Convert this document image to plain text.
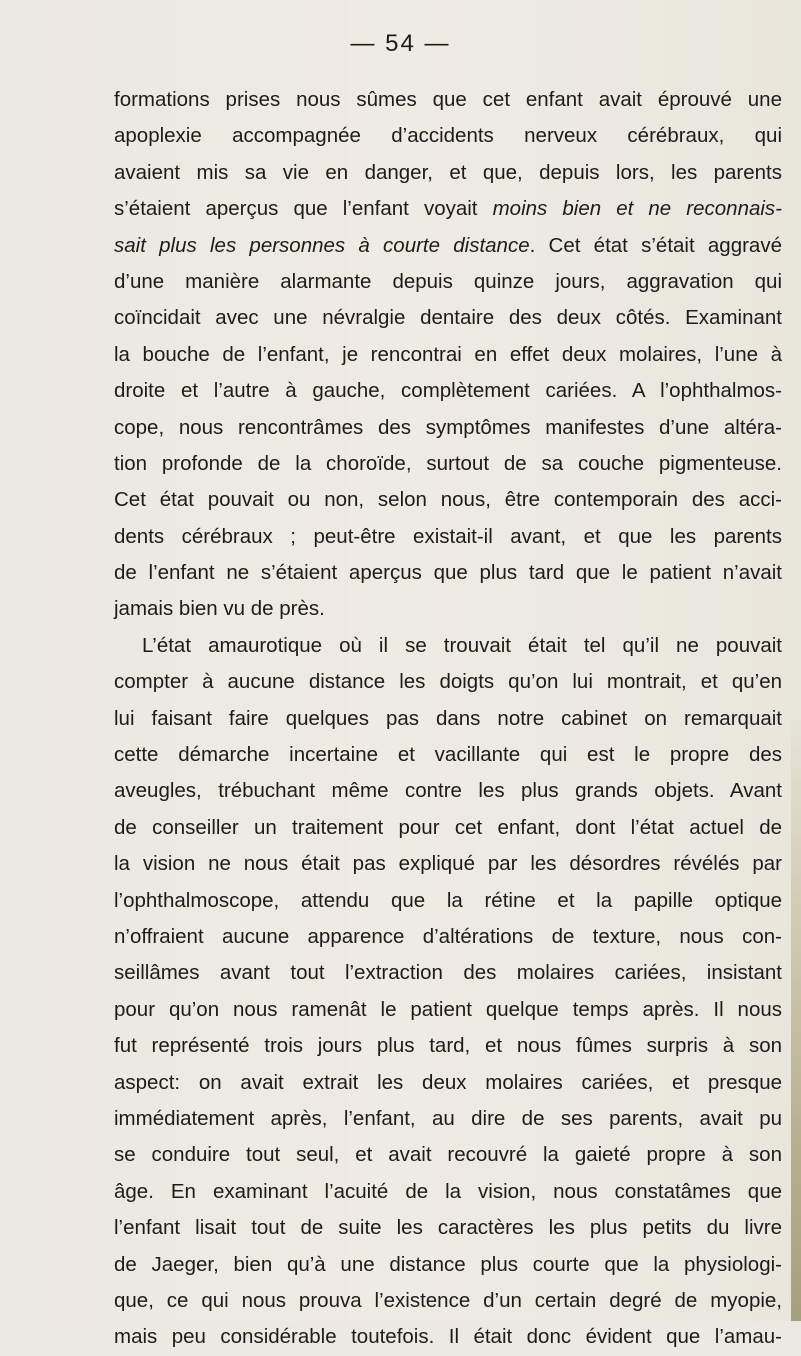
— 54 —
formations prises nous sûmes que cet enfant avait éprouvé une
apoplexie accompagnée d’accidents nerveux cérébraux, qui
avaient mis sa vie en danger, et que, depuis lors, les parents
s’étaient aperçus que l’enfant voyait moins bien et ne reconnais-
sait plus les personnes à courte distance. Cet état s’était aggravé
d’une manière alarmante depuis quinze jours, aggravation qui
coïncidait avec une névralgie dentaire des deux côtés. Examinant
la bouche de l’enfant, je rencontrai en effet deux molaires, l’une à
droite et l’autre à gauche, complètement cariées. A l’ophthalmos-
cope, nous rencontrâmes des symptômes manifestes d’une altéra-
tion profonde de la choroïde, surtout de sa couche pigmenteuse.
Cet état pouvait ou non, selon nous, être contemporain des acci-
dents cérébraux ; peut-être existait-il avant, et que les parents
de l’enfant ne s’étaient aperçus que plus tard que le patient n’avait
jamais bien vu de près.
L’état amaurotique où il se trouvait était tel qu’il ne pouvait
compter à aucune distance les doigts qu’on lui montrait, et qu’en
lui faisant faire quelques pas dans notre cabinet on remarquait
cette démarche incertaine et vacillante qui est le propre des
aveugles, trébuchant même contre les plus grands objets. Avant
de conseiller un traitement pour cet enfant, dont l’état actuel de
la vision ne nous était pas expliqué par les désordres révélés par
l’ophthalmoscope, attendu que la rétine et la papille optique
n’offraient aucune apparence d’altérations de texture, nous con-
seillâmes avant tout l’extraction des molaires cariées, insistant
pour qu’on nous ramenât le patient quelque temps après. Il nous
fut représenté trois jours plus tard, et nous fûmes surpris à son
aspect: on avait extrait les deux molaires cariées, et presque
immédiatement après, l’enfant, au dire de ses parents, avait pu
se conduire tout seul, et avait recouvré la gaieté propre à son
âge. En examinant l’acuité de la vision, nous constatâmes que
l’enfant lisait tout de suite les caractères les plus petits du livre
de Jaeger, bien qu’à une distance plus courte que la physiologi-
que, ce qui nous prouva l’existence d’un certain degré de myopie,
mais peu considérable toutefois. Il était donc évident que l’amau-
